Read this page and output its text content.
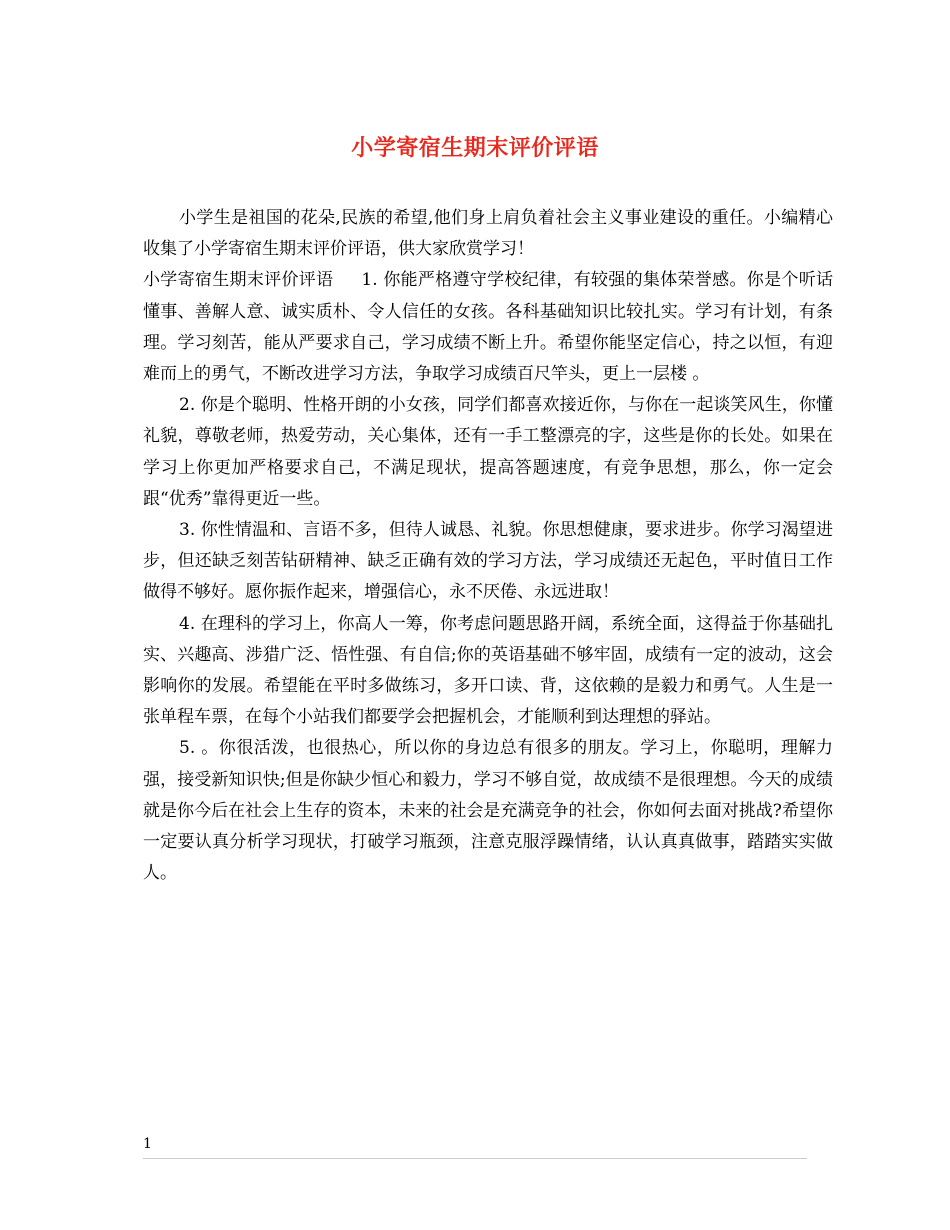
小学寄宿生期末评价评语

小学生是祖国的花朵,民族的希望,他们身上肩负着社会主义事业建设的重任。小编精心收集了小学寄宿生期末评价评语，供大家欣赏学习！

小学寄宿生期末评价评语 1. 你能严格遵守学校纪律，有较强的集体荣誉感。你是个听话懂事、善解人意、诚实质朴、令人信任的女孩。各科基础知识比较扎实。学习有计划，有条理。学习刻苦，能从严要求自己，学习成绩不断上升。希望你能坚定信心，持之以恒，有迎难而上的勇气，不断改进学习方法，争取学习成绩百尺竿头，更上一层楼 。

2. 你是个聪明、性格开朗的小女孩，同学们都喜欢接近你，与你在一起谈笑风生，你懂礼貌，尊敬老师，热爱劳动，关心集体，还有一手工整漂亮的字，这些是你的长处。如果在学习上你更加严格要求自己，不满足现状，提高答题速度，有竞争思想，那么，你一定会跟“优秀”靠得更近一些。

3. 你性情温和、言语不多，但待人诚恳、礼貌。你思想健康，要求进步。你学习渴望进步，但还缺乏刻苦钻研精神、缺乏正确有效的学习方法，学习成绩还无起色，平时值日工作做得不够好。愿你振作起来，增强信心，永不厌倦、永远进取！

4. 在理科的学习上，你高人一筹，你考虑问题思路开阔，系统全面，这得益于你基础扎实、兴趣高、涉猎广泛、悟性强、有自信;你的英语基础不够牢固，成绩有一定的波动，这会影响你的发展。希望能在平时多做练习，多开口读、背，这依赖的是毅力和勇气。人生是一张单程车票，在每个小站我们都要学会把握机会，才能顺利到达理想的驿站。

5. 。你很活泼，也很热心，所以你的身边总有很多的朋友。学习上，你聪明，理解力强，接受新知识快;但是你缺少恒心和毅力，学习不够自觉，故成绩不是很理想。今天的成绩就是你今后在社会上生存的资本，未来的社会是充满竞争的社会，你如何去面对挑战?希望你一定要认真分析学习现状，打破学习瓶颈，注意克服浮躁情绪，认认真真做事，踏踏实实做人。

1
